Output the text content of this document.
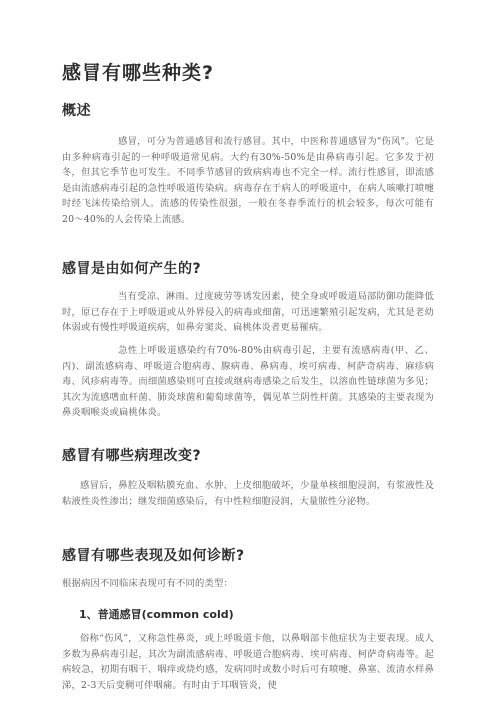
感冒有哪些种类?
概述

感冒，可分为普通感冒和流行感冒。其中，中医称普通感冒为"伤风"。它是由多种病毒引起的一种呼吸道常见病。大约有30%-50%是由鼻病毒引起。它多发于初冬，但其它季节也可发生。不同季节感冒的致病病毒也不完全一样。流行性感冒，即流感是由流感病毒引起的急性呼吸道传染病。病毒存在于病人的呼吸道中，在病人咳嗽打喷嚏时经飞沫传染给别人。流感的传染性很强，一般在冬春季流行的机会较多，每次可能有 20～40%的人会传染上流感。

感冒是由如何产生的?

当有受凉、淋雨、过度疲劳等诱发因素，使全身或呼吸道局部防御功能降低时，原已存在于上呼吸道或从外界侵入的病毒或细菌，可迅速繁殖引起发病，尤其是老幼体弱或有慢性呼吸道疾病，如鼻旁窦炎、扁桃体炎者更易罹病。

急性上呼吸道感染约有70%-80%由病毒引起，主要有流感病毒(甲、乙、丙)、副流感病毒、呼吸道合胞病毒、腺病毒、鼻病毒、埃可病毒、柯萨奇病毒、麻疹病毒、风疹病毒等。而细菌感染则可直接或继病毒感染之后发生，以溶血性链球菌为多见；其次为流感嗜血杆菌、肺炎球菌和葡萄球菌等，偶见革兰阴性杆菌。其感染的主要表现为鼻炎咽喉炎或扁桃体炎。

感冒有哪些病理改变?

感冒后，鼻腔及咽粘膜充血、水肿、上皮细胞破坏，少量单核细胞浸润，有浆液性及粘液性炎性渗出；继发细菌感染后，有中性粒细胞浸润，大量脓性分泌物。

感冒有哪些表现及如何诊断?

根据病因不同临床表现可有不同的类型：

1、普通感冒(common cold)

俗称“伤风”，又称急性鼻炎，或上呼吸道卡他，以鼻咽部卡他症状为主要表现。成人多数为鼻病毒引起，其次为副流感病毒、呼吸道合胞病毒、埃可病毒、柯萨奇病毒等。起病较急，初期有咽干、咽痒或烧灼感，发病同时或数小时后可有喷嚏、鼻塞、流清水样鼻涕，2-3天后变稠可伴咽痛。有时由于耳咽管炎，使
